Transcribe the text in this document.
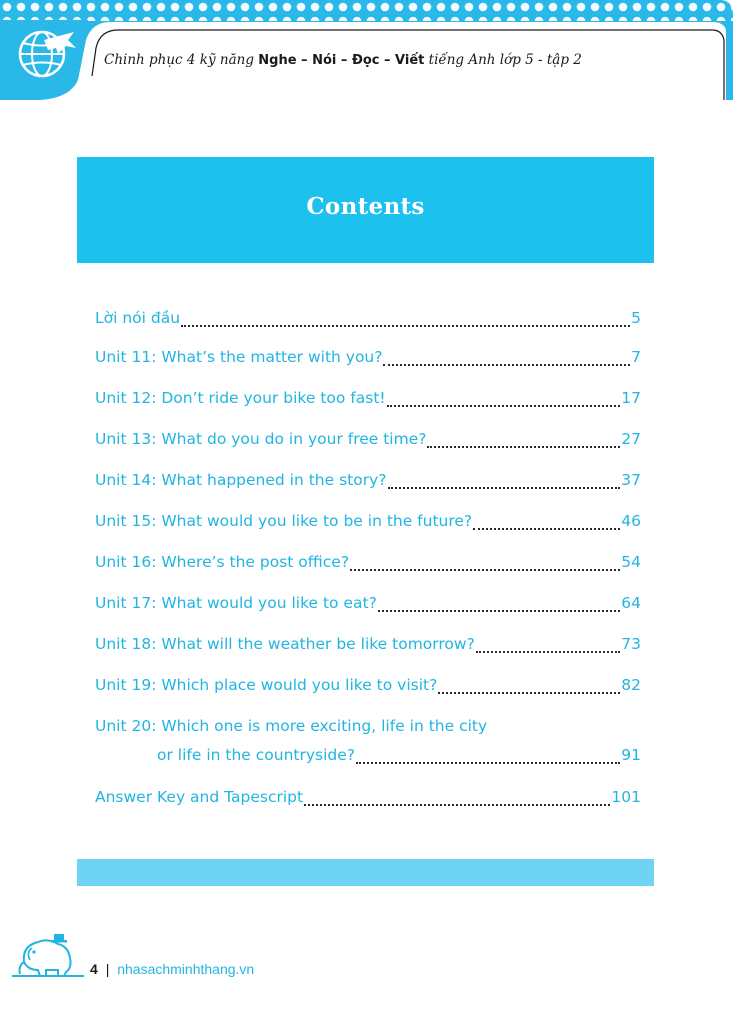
Chinh phục 4 kỹ năng Nghe – Nói – Đọc – Viết tiếng Anh lớp 5 - tập 2
Contents
Lời nói đầu	5
Unit 11: What’s the matter with you?	7
Unit 12: Don’t ride your bike too fast!	17
Unit 13: What do you do in your free time?	27
Unit 14: What happened in the story?	37
Unit 15: What would you like to be in the future?	46
Unit 16: Where’s the post office?	54
Unit 17: What would you like to eat?	64
Unit 18: What will the weather be like tomorrow?	73
Unit 19: Which place would you like to visit?	82
Unit 20: Which one is more exciting, life in the city
or life in the countryside?	91
Answer Key and Tapescript	101
4 | nhasachminhthang.vn
